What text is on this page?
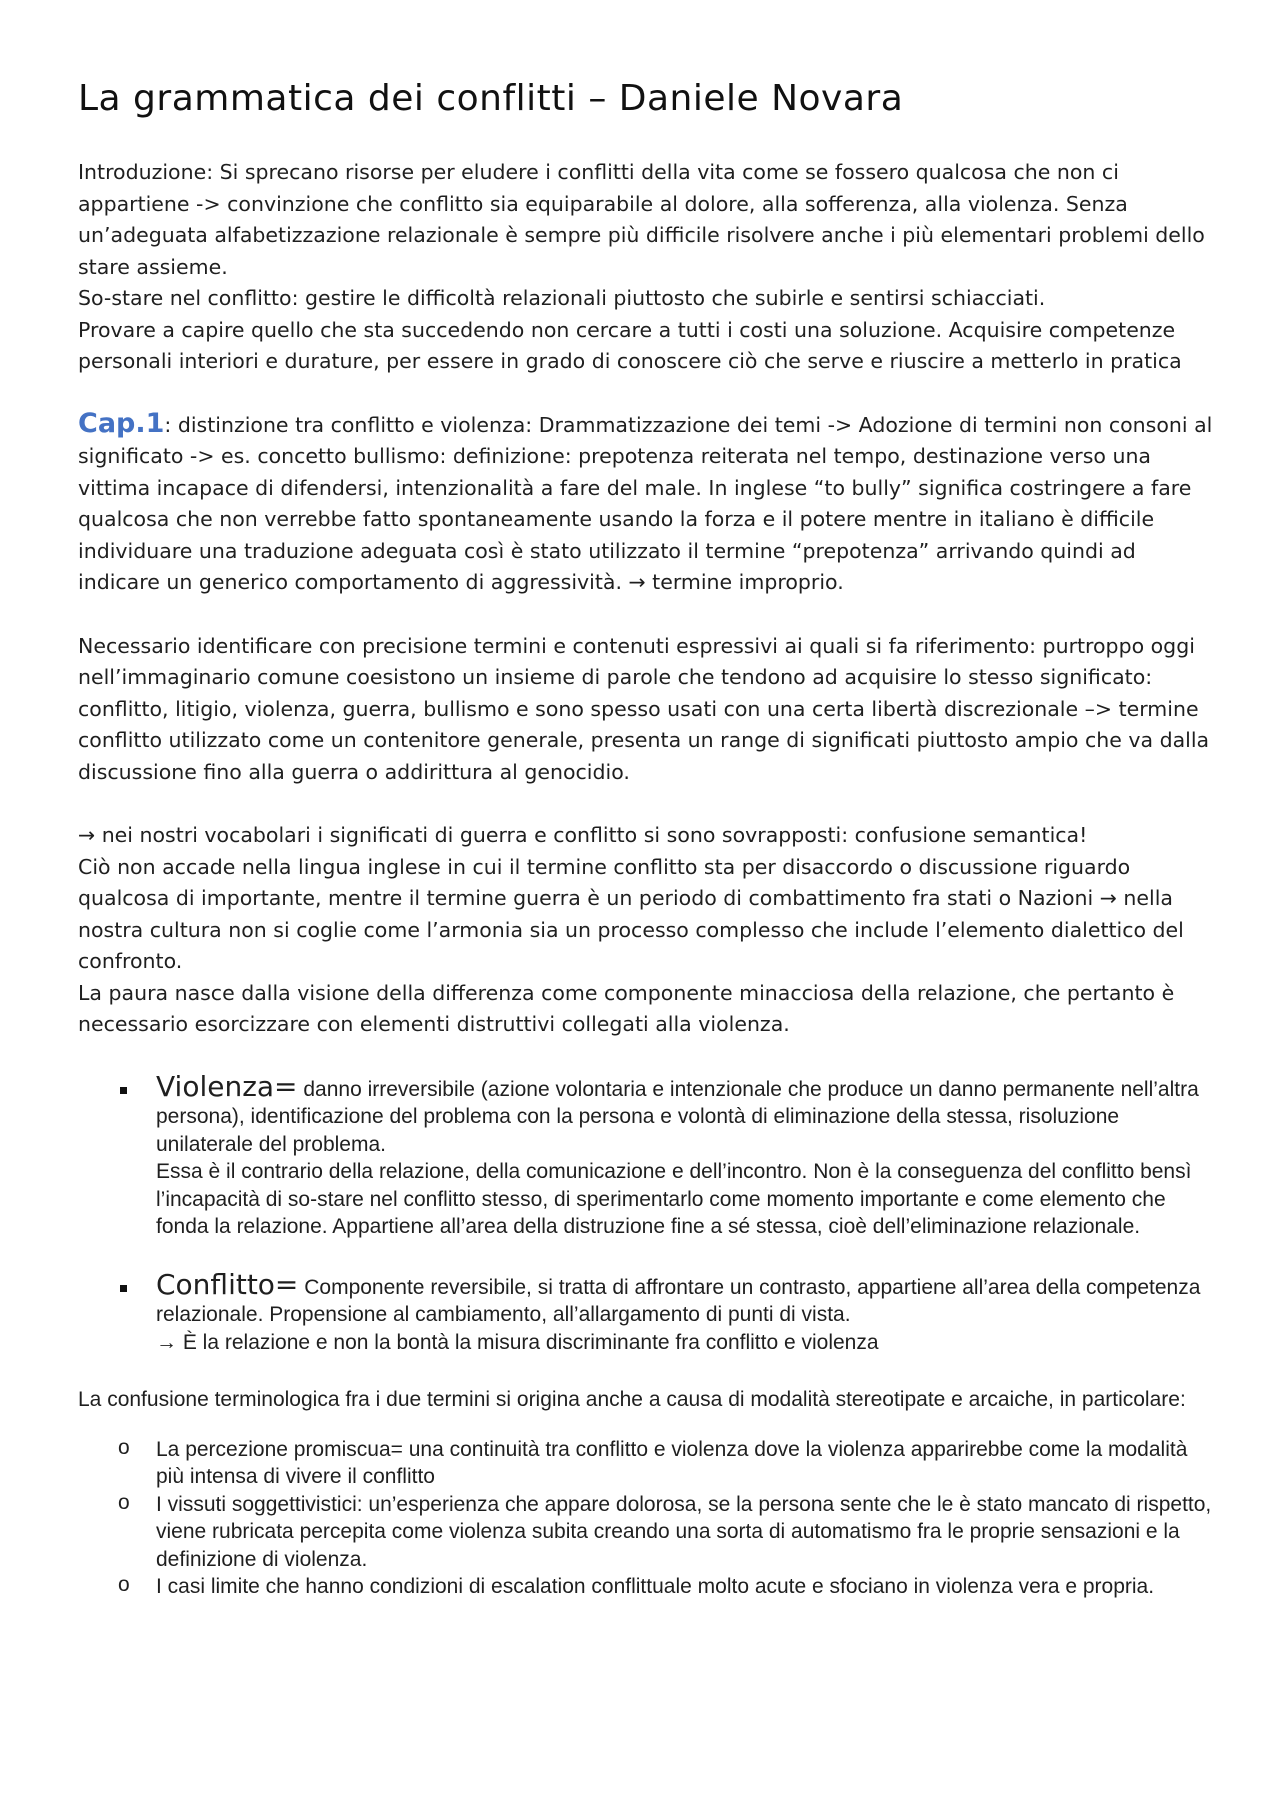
La grammatica dei conflitti – Daniele Novara

Introduzione: Si sprecano risorse per eludere i conflitti della vita come se fossero qualcosa che non ci appartiene -> convinzione che conflitto sia equiparabile al dolore, alla sofferenza, alla violenza. Senza un’adeguata alfabetizzazione relazionale è sempre più difficile risolvere anche i più elementari problemi dello stare assieme.

So-stare nel conflitto: gestire le difficoltà relazionali piuttosto che subirle e sentirsi schiacciati.

Provare a capire quello che sta succedendo non cercare a tutti i costi una soluzione. Acquisire competenze personali interiori e durature, per essere in grado di conoscere ciò che serve e riuscire a metterlo in pratica

Cap.1: distinzione tra conflitto e violenza: Drammatizzazione dei temi -> Adozione di termini non consoni al significato -> es. concetto bullismo: definizione: prepotenza reiterata nel tempo, destinazione verso una vittima incapace di difendersi, intenzionalità a fare del male. In inglese “to bully” significa costringere a fare qualcosa che non verrebbe fatto spontaneamente usando la forza e il potere mentre in italiano è difficile individuare una traduzione adeguata così è stato utilizzato il termine “prepotenza” arrivando quindi ad indicare un generico comportamento di aggressività. → termine improprio.

Necessario identificare con precisione termini e contenuti espressivi ai quali si fa riferimento: purtroppo oggi nell’immaginario comune coesistono un insieme di parole che tendono ad acquisire lo stesso significato: conflitto, litigio, violenza, guerra, bullismo e sono spesso usati con una certa libertà discrezionale –> termine conflitto utilizzato come un contenitore generale, presenta un range di significati piuttosto ampio che va dalla discussione fino alla guerra o addirittura al genocidio.

→ nei nostri vocabolari i significati di guerra e conflitto si sono sovrapposti: confusione semantica!

Ciò non accade nella lingua inglese in cui il termine conflitto sta per disaccordo o discussione riguardo qualcosa di importante, mentre il termine guerra è un periodo di combattimento fra stati o Nazioni → nella nostra cultura non si coglie come l’armonia sia un processo complesso che include l’elemento dialettico del confronto.

La paura nasce dalla visione della differenza come componente minacciosa della relazione, che pertanto è necessario esorcizzare con elementi distruttivi collegati alla violenza.

Violenza= danno irreversibile (azione volontaria e intenzionale che produce un danno permanente nell’altra persona), identificazione del problema con la persona e volontà di eliminazione della stessa, risoluzione unilaterale del problema.
Essa è il contrario della relazione, della comunicazione e dell’incontro. Non è la conseguenza del conflitto bensì l’incapacità di so-stare nel conflitto stesso, di sperimentarlo come momento importante e come elemento che fonda la relazione. Appartiene all’area della distruzione fine a sé stessa, cioè dell’eliminazione relazionale.
Conflitto= Componente reversibile, si tratta di affrontare un contrasto, appartiene all’area della competenza relazionale. Propensione al cambiamento, all’allargamento di punti di vista.
→ È la relazione e non la bontà la misura discriminante fra conflitto e violenza
La confusione terminologica fra i due termini si origina anche a causa di modalità stereotipate e arcaiche, in particolare:
o La percezione promiscua= una continuità tra conflitto e violenza dove la violenza apparirebbe come la modalità più intensa di vivere il conflitto
o I vissuti soggettivistici: un’esperienza che appare dolorosa, se la persona sente che le è stato mancato di rispetto, viene rubricata percepita come violenza subita creando una sorta di automatismo fra le proprie sensazioni e la definizione di violenza.
o I casi limite che hanno condizioni di escalation conflittuale molto acute e sfociano in violenza vera e propria.
